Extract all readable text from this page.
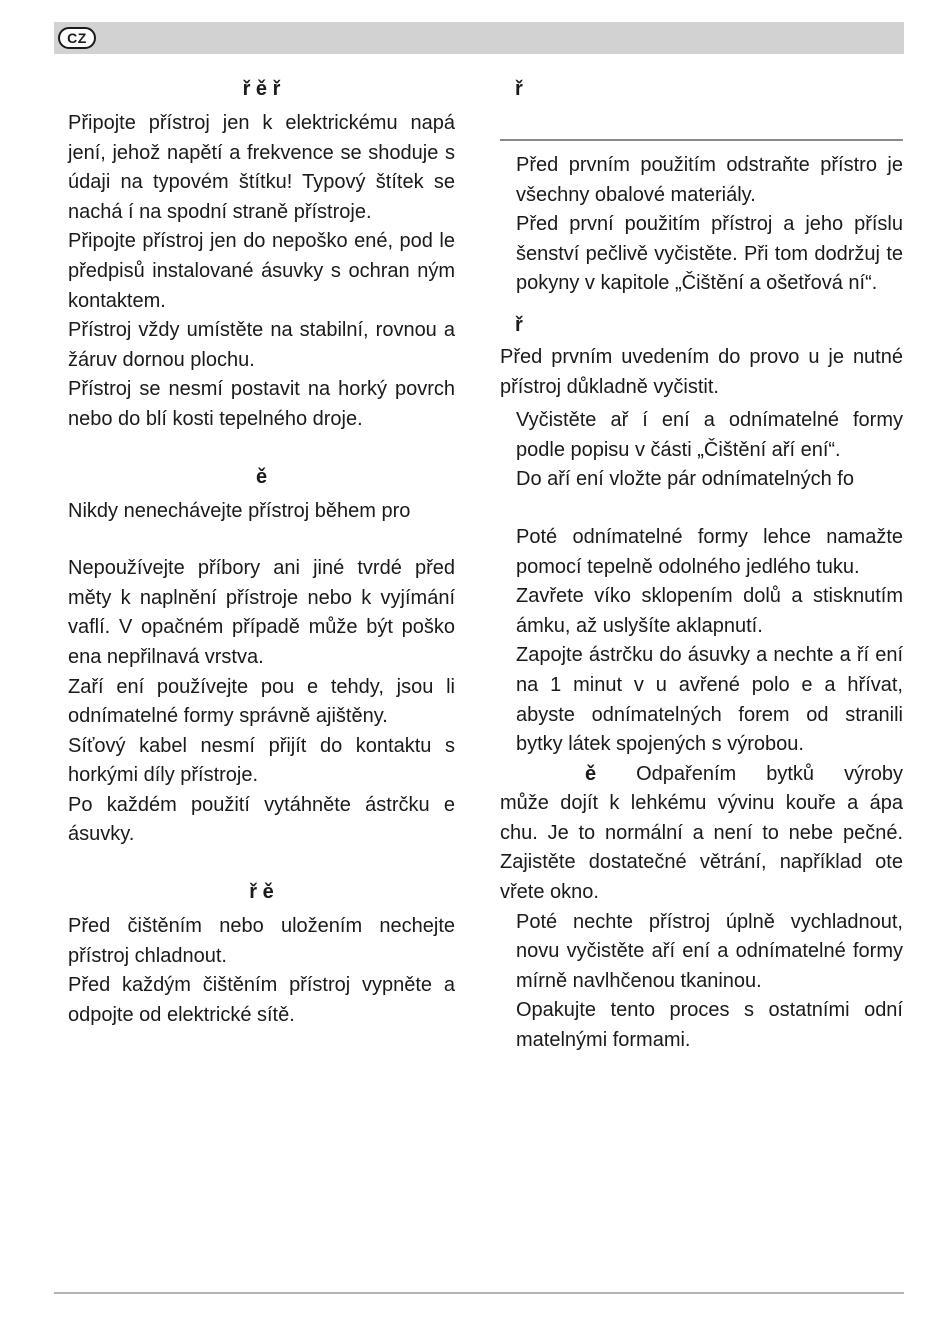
CZ
ř ě ř

Připojte přístroj jen k elektrickému napá jení, jehož napětí a frekvence se shoduje s údaji na typovém štítku! Typový štítek se nachá í na spodní straně přístroje.

Připojte přístroj jen do nepoško ené, pod le předpisů instalované ásuvky s ochran ným kontaktem.

Přístroj vždy umístěte na stabilní, rovnou a žáruv dornou plochu.

Přístroj se nesmí postavit na horký povrch nebo do blí kosti tepelného droje.

ě

Nikdy nenechávejte přístroj během pro

Nepoužívejte příbory ani jiné tvrdé před měty k naplnění přístroje nebo k vyjímání vaflí. V opačném případě může být poško ena nepřilnavá vrstva.

Zaří ení používejte pou e tehdy, jsou li odnímatelné formy správně ajištěny.

Síťový kabel nesmí přijít do kontaktu s horkými díly přístroje.

Po každém použití vytáhněte ástrčku e ásuvky.

ř ě

Před čištěním nebo uložením nechejte přístroj chladnout.

Před každým čištěním přístroj vypněte a odpojte od elektrické sítě.

ř

Před prvním použitím odstraňte přístro je všechny obalové materiály.

Před první použitím přístroj a jeho příslu šenství pečlivě vyčistěte. Při tom dodržuj te pokyny v kapitole „Čištění a ošetřová ní“.

ř

Před prvním uvedením do provo u je nutné přístroj důkladně vyčistit.

Vyčistěte ař í ení a odnímatelné formy podle popisu v části „Čištění aří ení“.

Do aří ení vložte pár odnímatelných fo

Poté odnímatelné formy lehce namažte pomocí tepelně odolného jedlého tuku.

Zavřete víko sklopením dolů a stisknutím ámku, až uslyšíte aklapnutí.

Zapojte ástrčku do ásuvky a nechte a ří ení na 1 minut v u avřené polo e a hřívat, abyste odnímatelných forem od stranili bytky látek spojených s výrobou.

ě Odpařením bytků výroby může dojít k lehkému vývinu kouře a ápa chu. Je to normální a není to nebe pečné. Zajistěte dostatečné větrání, například ote vřete okno.

Poté nechte přístroj úplně vychladnout, novu vyčistěte aří ení a odnímatelné formy mírně navlhčenou tkaninou.

Opakujte tento proces s ostatními odní matelnými formami.
